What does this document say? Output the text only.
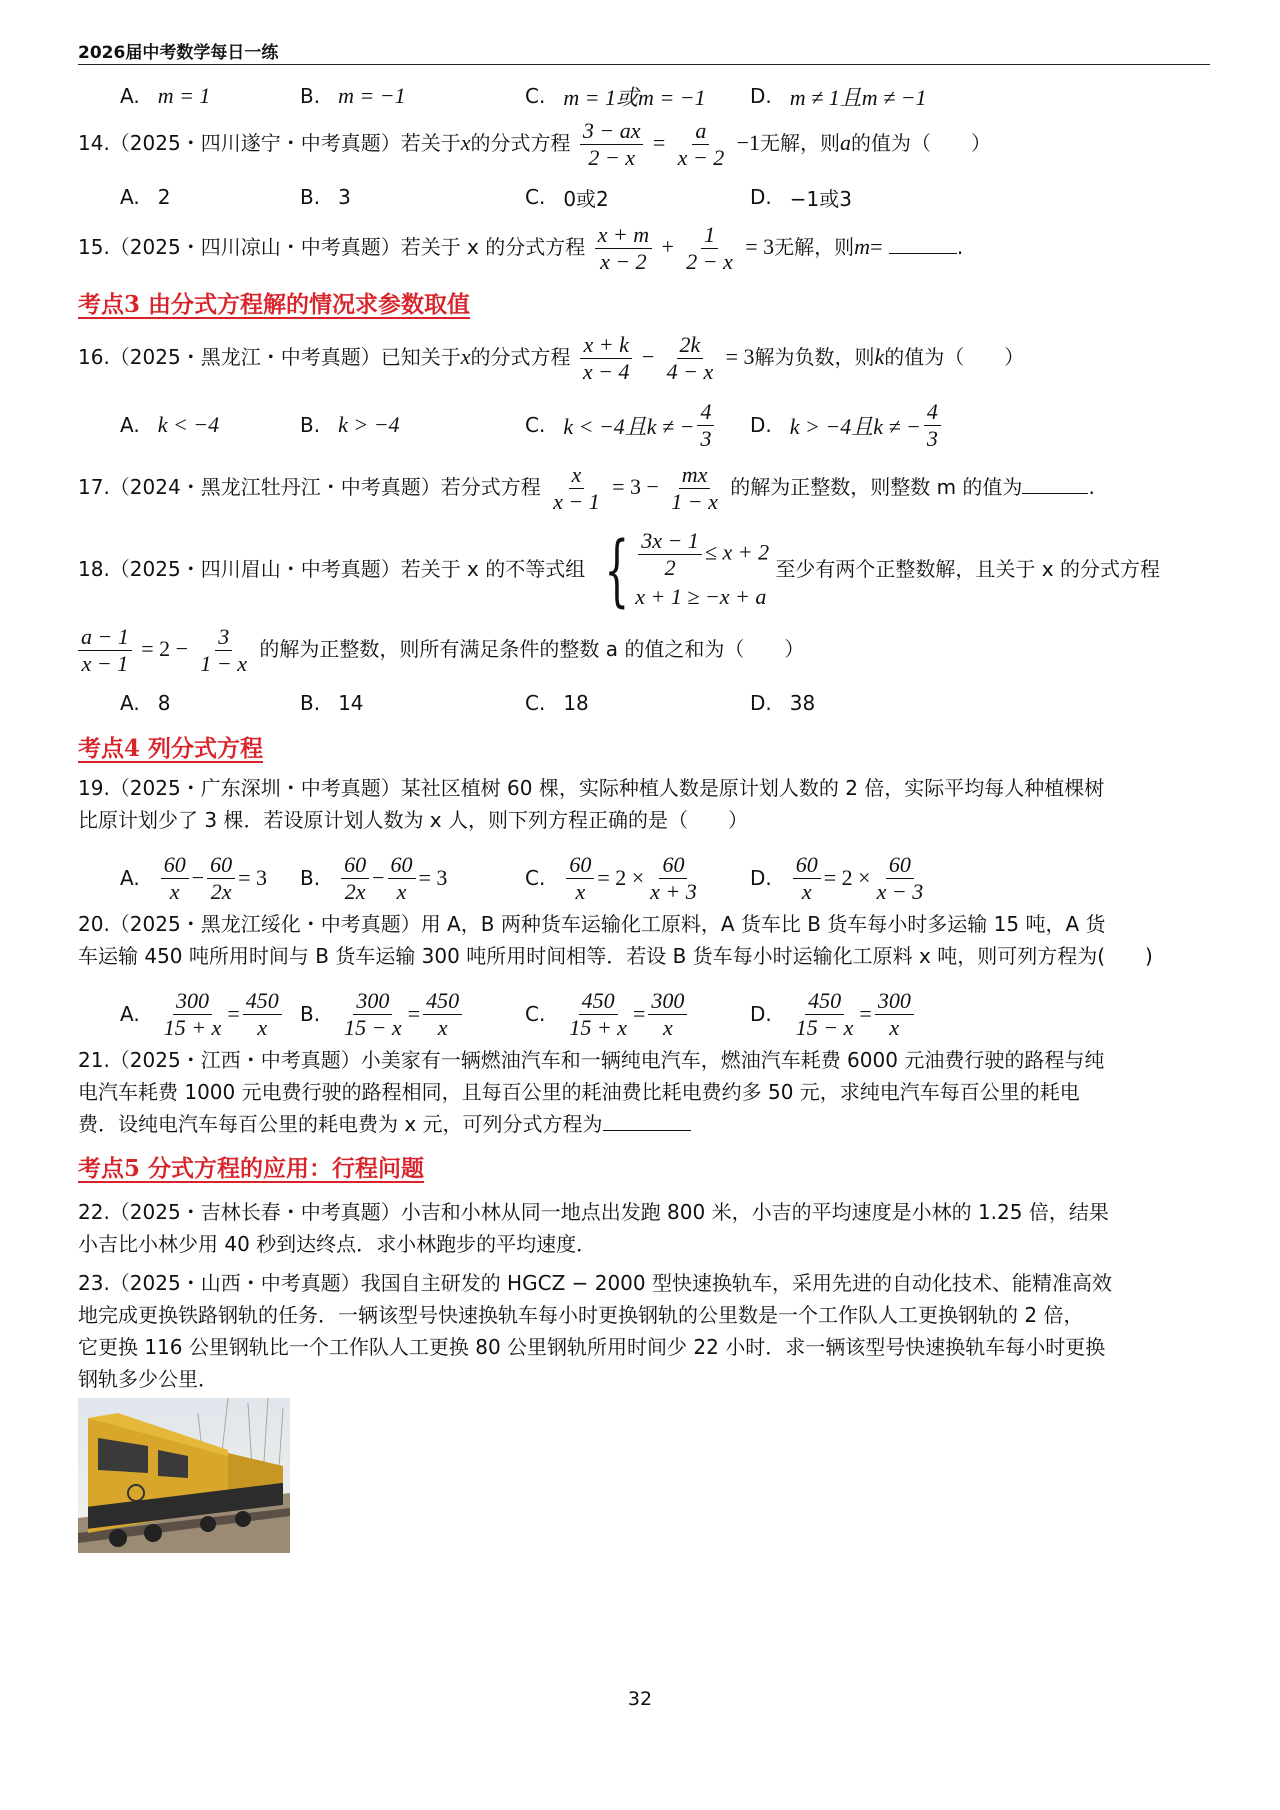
2026届中考数学每日一练
A. m = 1	B. m = −1	C. m = 1或m = −1 D. m ≠ 1且m ≠ −1
14.（2025・四川遂宁・中考真题）若关于x的分式方程 $\frac{3 - ax}{2 - x} = \frac{a}{x - 2} -1$无解，则a的值为（　　）
A. 2	B. 3	C. 0或2	D. −1或3
15.（2025・四川凉山・中考真题）若关于 x 的分式方程 $\frac{x + m}{x - 2} + \frac{1}{2 - x} = 3$无解，则m=	.
考点3 由分式方程解的情况求参数取值
16.（2025・黑龙江・中考真题）已知关于x的分式方程 $\frac{x + k}{x - 4} - \frac{2k}{4 - x} = 3$解为负数，则k的值为（　　）
A. k < −4	B. k > −4	C. k < −4且k ≠ − $\frac{4}{3} D$. k > −4且k ≠ − $\frac{4}{3}$
17.（2024・黑龙江牡丹江・中考真题）若分式方程 $\frac{x}{x - 1} = 3 - \frac{mx}{1 - x}$ 的解为正整数，则整数 m 的值为	.
18.（2025・四川眉山・中考真题）若关于 x 的不等式组 { $\frac{3x - 1}{2} \le x + 2$
x + 1 ≥ −x + a
至少有两个正整数解，且关于 x 的分式方程
$\frac{a - 1}{x - 1} = 2 - \frac{3}{1 - x}$ 的解为正整数，则所有满足条件的整数 a 的值之和为（　　）
A. 8	B. 14	C. 18	D. 38
考点4 列分式方程
19.（2025・广东深圳・中考真题）某社区植树 60 棵，实际种植人数是原计划人数的 2 倍，实际平均每人种植棵树
比原计划少了 3 棵．若设原计划人数为 x 人，则下列方程正确的是（　　）
A. $\frac{60}{x} - \frac{60}{2x} = 3$ B. $\frac{60}{2x} - \frac{60}{x} = 3$	C. $\frac{60}{x} = 2 \times \frac{60}{x + 3}$	D. $\frac{60}{x} = 2 \times \frac{60}{x - 3}$
20.（2025・黑龙江绥化・中考真题）用 A，B 两种货车运输化工原料，A 货车比 B 货车每小时多运输 15 吨，A 货
车运输 450 吨所用时间与 B 货车运输 300 吨所用时间相等．若设 B 货车每小时运输化工原料 x 吨，则可列方程为(　　)
A. $\frac{300}{15 + x} = \frac{450}{x} B$. $\frac{300}{15 - x} = \frac{450}{x}$	C. $\frac{450}{15 + x} = \frac{300}{x}$	D. $\frac{450}{15 - x} = \frac{300}{x}$
21.（2025・江西・中考真题）小美家有一辆燃油汽车和一辆纯电汽车，燃油汽车耗费 6000 元油费行驶的路程与纯
电汽车耗费 1000 元电费行驶的路程相同，且每百公里的耗油费比耗电费约多 50 元，求纯电汽车每百公里的耗电
费．设纯电汽车每百公里的耗电费为 x 元，可列分式方程为
考点5 分式方程的应用：行程问题
22.（2025・吉林长春・中考真题）小吉和小林从同一地点出发跑 800 米，小吉的平均速度是小林的 1.25 倍，结果
小吉比小林少用 40 秒到达终点．求小林跑步的平均速度．
23.（2025・山西・中考真题）我国自主研发的 HGCZ − 2000 型快速换轨车，采用先进的自动化技术、能精准高效
地完成更换铁路钢轨的任务．一辆该型号快速换轨车每小时更换钢轨的公里数是一个工作队人工更换钢轨的 2 倍，
它更换 116 公里钢轨比一个工作队人工更换 80 公里钢轨所用时间少 22 小时．求一辆该型号快速换轨车每小时更换
钢轨多少公里．
32
